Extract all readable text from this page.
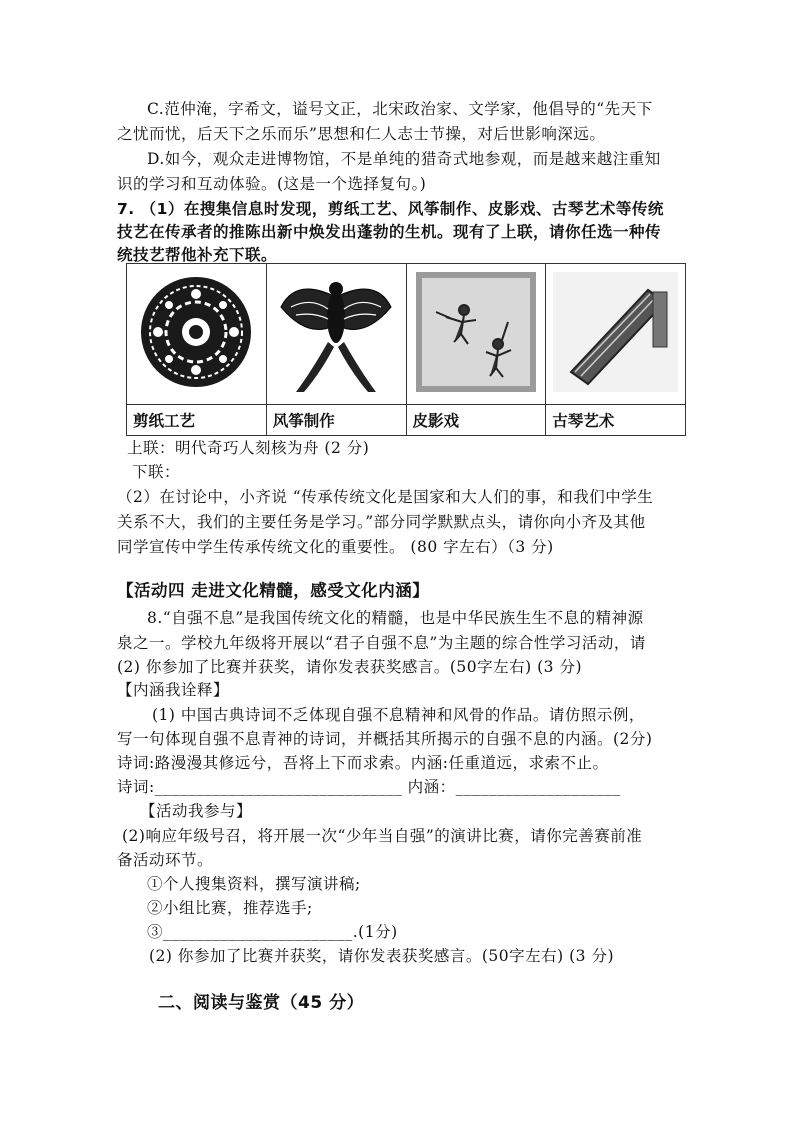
C.范仲淹，字希文，谥号文正，北宋政治家、文学家，他倡导的“先天下
之忧而忧，后天下之乐而乐”思想和仁人志士节操，对后世影响深远。
D.如今，观众走进博物馆，不是单纯的猎奇式地参观，而是越来越注重知
识的学习和互动体验。(这是一个选择复句。)
7. （1）在搜集信息时发现，剪纸工艺、风筝制作、皮影戏、古琴艺术等传统
技艺在传承者的推陈出新中焕发出蓬勃的生机。现有了上联，请你任选一种传
统技艺帮他补充下联。

剪纸工艺	风筝制作	皮影戏	古琴艺术
上联：明代奇巧人刻核为舟 (2 分)
下联：
（2）在讨论中，小齐说 “传承传统文化是国家和大人们的事，和我们中学生
关系不大，我们的主要任务是学习。”部分同学默默点头，请你向小齐及其他
同学宣传中学生传承传统文化的重要性。 (80 字左右）（3 分)
【活动四 走进文化精髓，感受文化内涵】
8.“自强不息”是我国传统文化的精髓，也是中华民族生生不息的精神源
泉之一。学校九年级将开展以“君子自强不息”为主题的综合性学习活动，请
(2) 你参加了比赛并获奖，请你发表获奖感言。(50字左右) (3 分)
【内涵我诠释】
(1) 中国古典诗词不乏体现自强不息精神和风骨的作品。请仿照示例，
写一句体现自强不息青神的诗词，并概括其所揭示的自强不息的内涵。(2分)
诗词:路漫漫其修远兮，吾将上下而求索。内涵:任重道远，求索不止。
诗词:______________________________ 内涵：____________________
【活动我参与】
(2)响应年级号召，将开展一次“少年当自强”的演讲比赛，请你完善赛前准
备活动环节。
①个人搜集资料，撰写演讲稿;
②小组比赛，推荐选手;
③_______________________.(1分)
(2) 你参加了比赛并获奖，请你发表获奖感言。(50字左右) (3 分)
二、阅读与鉴赏（45 分）
